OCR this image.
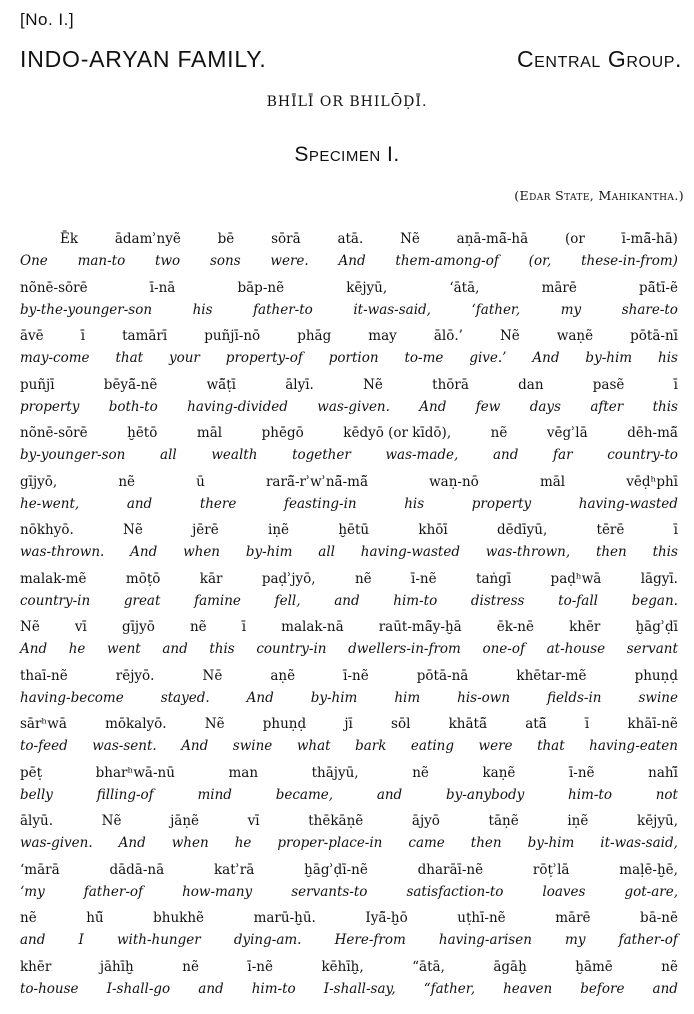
[No. I.]
INDO-ARYAN FAMILY.	Central Group.
BHĪLĪ OR BHILŌḌĪ.
Specimen I.
(Edar State, Mahikantha.)
Ēk	ādamʾnyẽ	bē	sōrā	atā.	Nẽ	aṇā-mā̃-hā	(or	ī-mā̃-hā)
One man-to two sons were. And them-among-of (or, these-in-from)
nõnē-sōrē	ī-nā	bāp-nẽ	kējyū,	‘ātā,	mārē	pā̃tī-ẽ
by-the-younger-son	his	father-to	it-was-said,	‘father,	my	share-to
āvē	ī	tamārī	puñjī-nō	phāg	may	ālō.’	Nẽ	waṇẽ	pōtā-nī
may-come that your property-of portion to-me give.’ And by-him his
puñjī	bēyā̃-nẽ	wā̃ṭī	ālyī.	Nẽ	thōrā	dan	pasẽ	ī
property both-to having-divided was-given. And few days after this
nõnē-sōrē	ḫētō	māl	phēgō	kēdyō (or kīdō),	nẽ	vēgʾlā	dēh-mā̃
by-younger-son	all	wealth	together	was-made,	and	far	country-to
gījyō,	nẽ	ū	rarā̃-rʾwʾnā̃-mā̃	waṇ-nō	māl	vēḍʰphī
he-went,	and	there	feasting-in	his	property	having-wasted
nōkhyō.	Nẽ	jērē	iṇẽ	ḫētū	khōī	dēdīyū,	tērē	ī
was-thrown. And when by-him all having-wasted was-thrown, then this
malak-mẽ	mōṭō	kār	paḍʾjyō,	nẽ	ī-nẽ	taṅgī	paḍʰwā	lāgyī.
country-in great famine fell, and him-to distress to-fall began.
Nẽ	vī	gījyō	nẽ	ī	malak-nā	raūt-mā̃y-ḫā	ēk-nē	khēr	ḫāgʾḍī
And he went and this country-in dwellers-in-from one-of at-house servant
thaī-nẽ	rējyō.	Nē	aṇẽ	ī-nẽ	pōtā-nā	khētar-mẽ	phuṇḍ
having-become	stayed.	And	by-him	him	his-own	fields-in	swine
sārʰwā	mōkalyō.	Nẽ	phuṇḍ	jī	sōl	khātā̃	atā̃	ī	khāī-nẽ
to-feed was-sent. And swine what bark eating were that having-eaten
pēṭ	bharʰwā-nū	man	thājyū,	nẽ	kaṇẽ	ī-nẽ	nahī̃
belly	filling-of	mind	became,	and	by-anybody	him-to	not
ālyū.	Nẽ	jāṇẽ	vī	thēkāṇẽ	ājyō	tāṇẽ	iṇẽ	kējyū,
was-given. And when he proper-place-in came then by-him it-was-said,
‘mārā	dādā-nā	katʾrā	ḫāgʾḍī-nẽ	dharāī-nẽ	rōṭʾlā	maḷē-ḫē,
‘my	father-of	how-many	servants-to	satisfaction-to	loaves	got-are,
nẽ	hū̃	bhukhẽ	marū-ḫū.	Iyā̃-ḫō	uṭhī-nẽ	mārē	bā-nē
and I with-hunger dying-am. Here-from having-arisen my father-of
khēr	jāhīḫ	nẽ	ī-nẽ	kēhīḫ,	“ātā,	āgāḫ	ḫāmē	nẽ
to-house I-shall-go and him-to I-shall-say, “father, heaven before and
